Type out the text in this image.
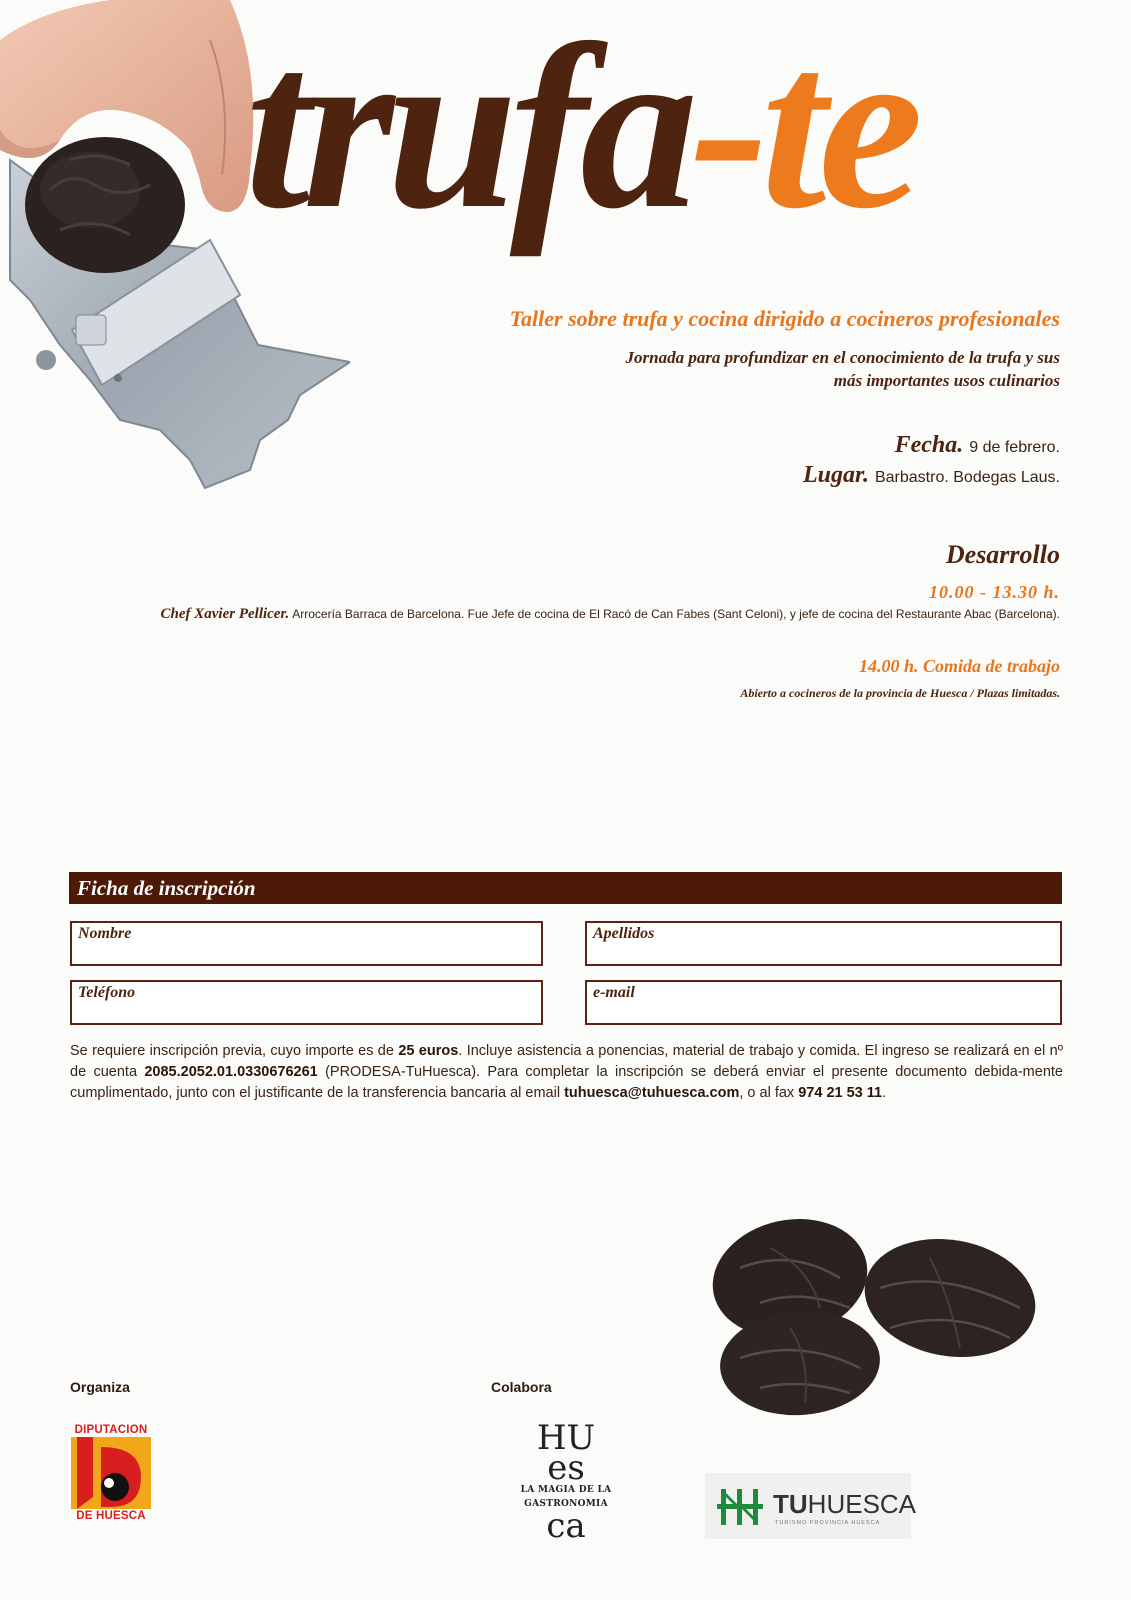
trufa-te
Taller sobre trufa y cocina dirigido a cocineros profesionales
Jornada para profundizar en el conocimiento de la trufa y sus
más importantes usos culinarios
Fecha. 9 de febrero.
Lugar. Barbastro. Bodegas Laus.
Desarrollo
10.00 - 13.30 h.
Chef Xavier Pellicer. Arrocería Barraca de Barcelona. Fue Jefe de cocina de El Racó de Can Fabes (Sant Celoni), y jefe de cocina del Restaurante Abac (Barcelona).
14.00 h. Comida de trabajo
Abierto a cocineros de la provincia de Huesca / Plazas limitadas.
Ficha de inscripción
Nombre	Apellidos
Teléfono	e-mail
Se requiere inscripción previa, cuyo importe es de 25 euros. Incluye asistencia a ponencias, material de trabajo y comida. El ingreso se realizará en el nº de cuenta 2085.2052.01.0330676261 (PRODESA-TuHuesca). Para completar la inscripción se deberá enviar el presente documento debida-mente cumplimentado, junto con el justificante de la transferencia bancaria al email tuhuesca@tuhuesca.com, o al fax 974 21 53 11.
Organiza	Colabora
DIPUTACION
DE HUESCA
HU
es
LA MAGIA DE LA GASTRONOMIA
ca
TUHUESCA
TURISMO PROVINCIA HUESCA
